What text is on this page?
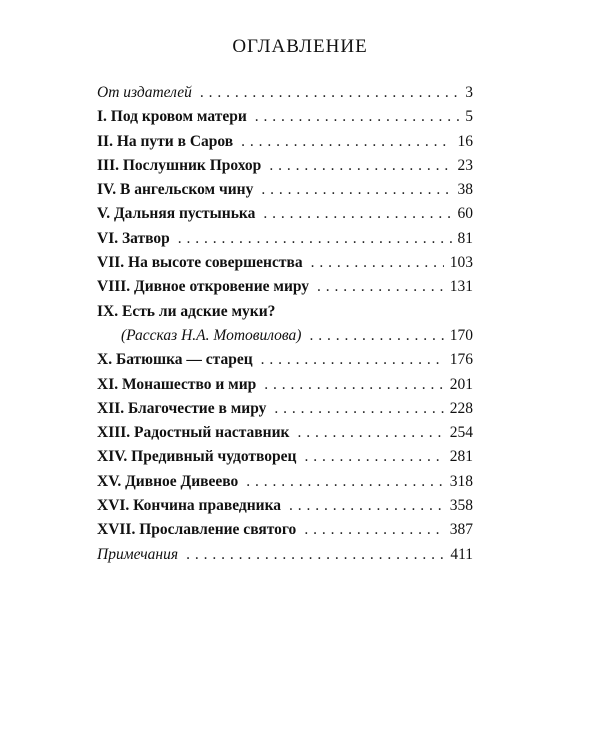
ОГЛАВЛЕНИЕ
От издателей . . .	3
I. Под кровом матери . . .	5
II. На пути в Саров . . .	16
III. Послушник Прохор . . .	23
IV. В ангельском чину . . .	38
V. Дальняя пустынька . . .	60
VI. Затвор . . .	81
VII. На высоте совершенства . . .	103
VIII. Дивное откровение миру . . .	131
IX. Есть ли адские муки?
(Рассказ Н.А. Мотовилова) . . .	170
X. Батюшка — старец . . .	176
XI. Монашество и мир . . .	201
XII. Благочестие в миру . . .	228
XIII. Радостный наставник . . .	254
XIV. Предивный чудотворец . . .	281
XV. Дивное Дивеево . . .	318
XVI. Кончина праведника . . .	358
XVII. Прославление святого . . .	387
Примечания . . .	411
